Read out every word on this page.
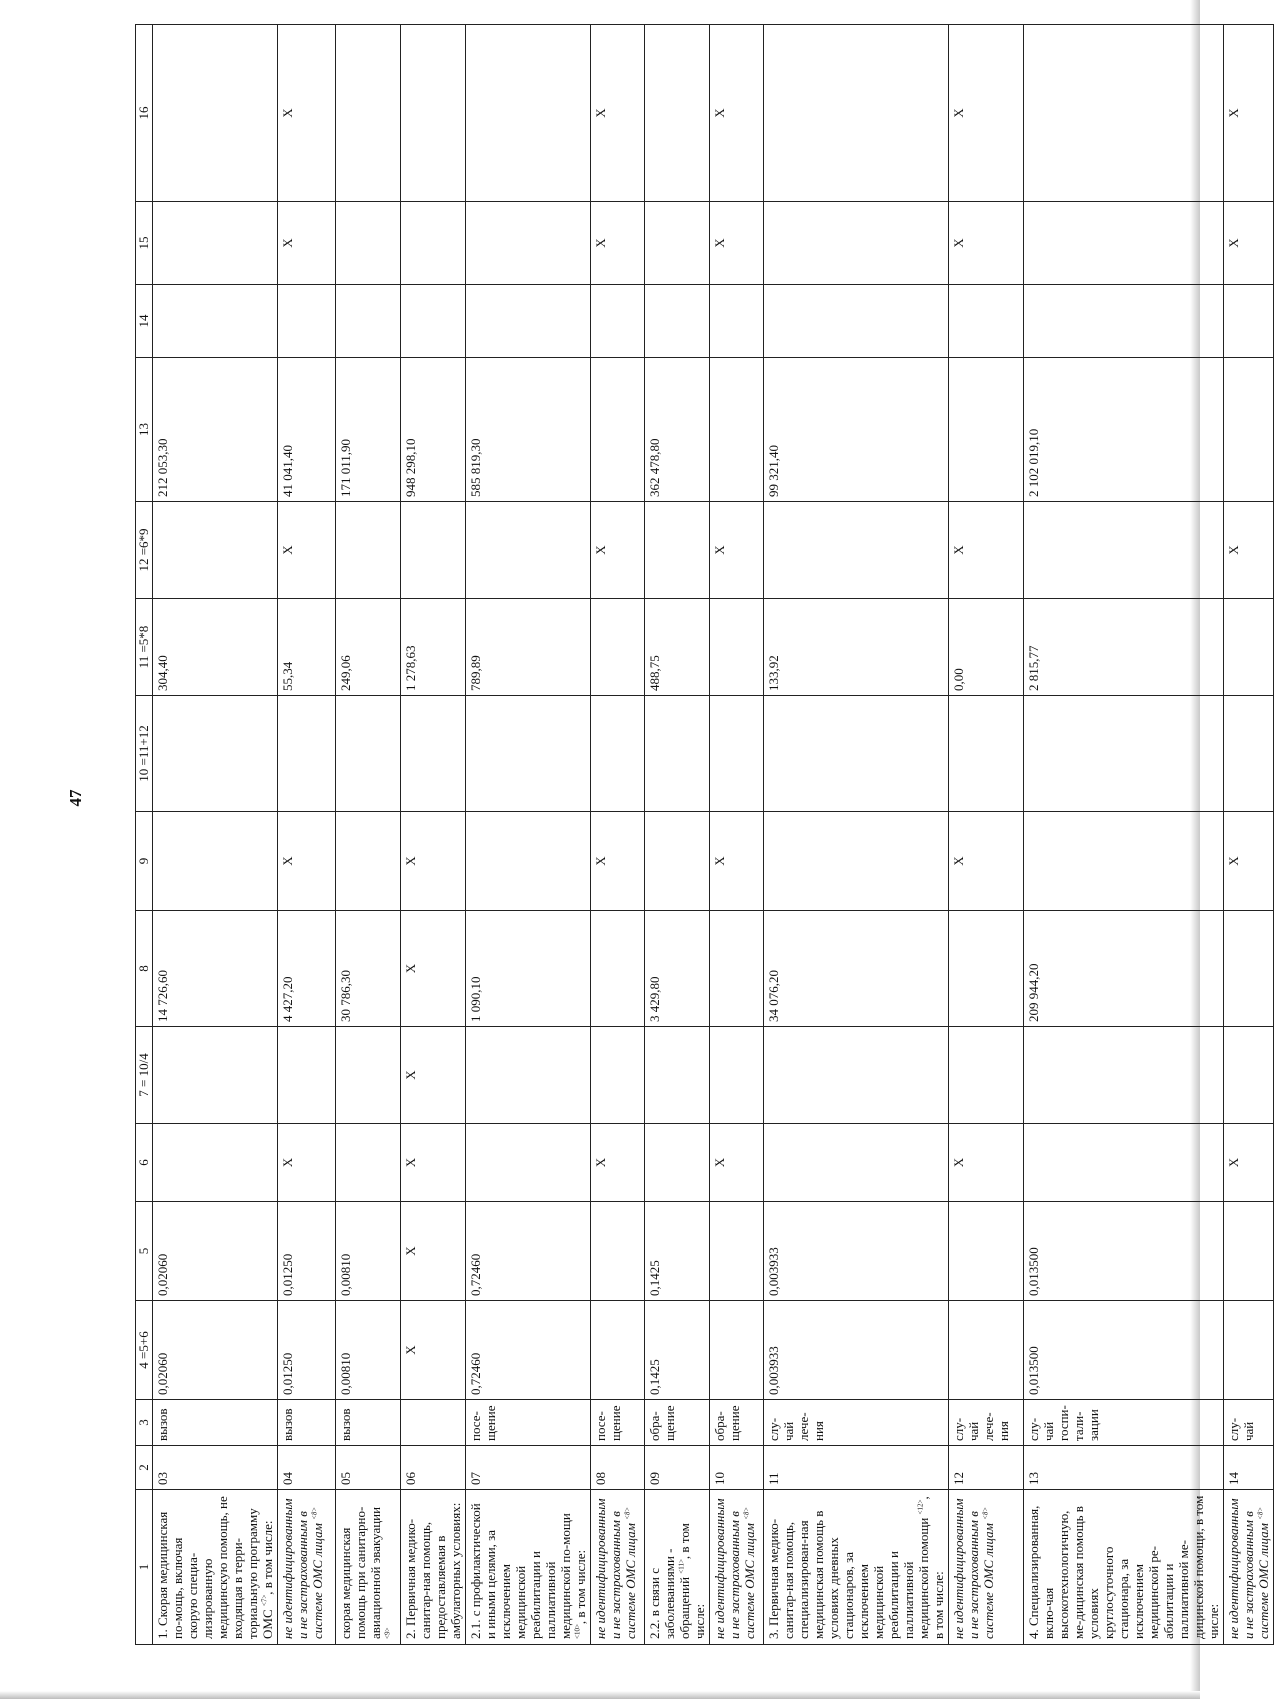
47
1	2	3	4 =5+6	5	6	7 = 10/4	8	9	10 =11+12	11 =5*8	12 =6*9	13	14	15	16
1. Скорая медицинская по-мощь, включая скорую специа-лизированную медицинскую помощь, не входящая в терри-ториальную программу ОМС $^{<7>}$, в том числе:	03	вызов	0,02060	0,02060			14 726,60			304,40		212 053,30			
не идентифицированным и не застрахованным в системе ОМС лицам $^{<8>}$	04	вызов	0,01250	0,01250	X		4 427,20	X		55,34	X	41 041,40		X	X
скорая медицинская помощь при санитарно-авиационной эвакуации $^{<9>}$	05	вызов	0,00810	0,00810			30 786,30			249,06		171 011,90			
2. Первичная медико-санитар-ная помощь, предоставляемая в амбулаторных условиях:	06		X	X	X	X	X	X		1 278,63		948 298,10			
2.1. с профилактической и иными целями, за исключением медицинской реабилитации и паллиативной медицинской по-мощи $^{<10>}$, в том числе:	07	посе-щение	0,72460	0,72460			1 090,10			789,89		585 819,30			
не идентифицированным и не застрахованным в системе ОМС лицам $^{<8>}$	08	посе-щение			X			X			X			X	X
2.2. в связи с заболеваниями - обращений $^{<11>}$, в том числе:	09	обра-щение	0,1425	0,1425			3 429,80			488,75		362 478,80			
не идентифицированным и не застрахованным в системе ОМС лицам $^{<8>}$	10	обра-щение			X			X			X			X	X
3. Первичная медико-санитар-ная помощь, специализирован-ная медицинская помощь в условиях дневных стационаров, за исключением медицинской реабилитации и паллиативной медицинской помощи $^{<12>}$, в том числе:	11	слу-чай лече-ния	0,003933	0,003933			34 076,20			133,92		99 321,40			
не идентифицированным и не застрахованным в системе ОМС лицам $^{<8>}$	12	слу-чай лече-ния			X			X		0,00	X			X	X
4. Специализированная, вклю-чая высокотехнологичную, ме-дицинская помощь в условиях круглосуточного стационара, за исключением медицинской ре-абилитации и паллиативной ме-дицинской помощи, в том числе:	13	слу-чай госпи-тали-зации	0,013500	0,013500			209 944,20			2 815,77		2 102 019,10			
не идентифицированным и не застрахованным в системе ОМС лицам $^{<8>}$	14	слу-чай			X			X			X			X	X
